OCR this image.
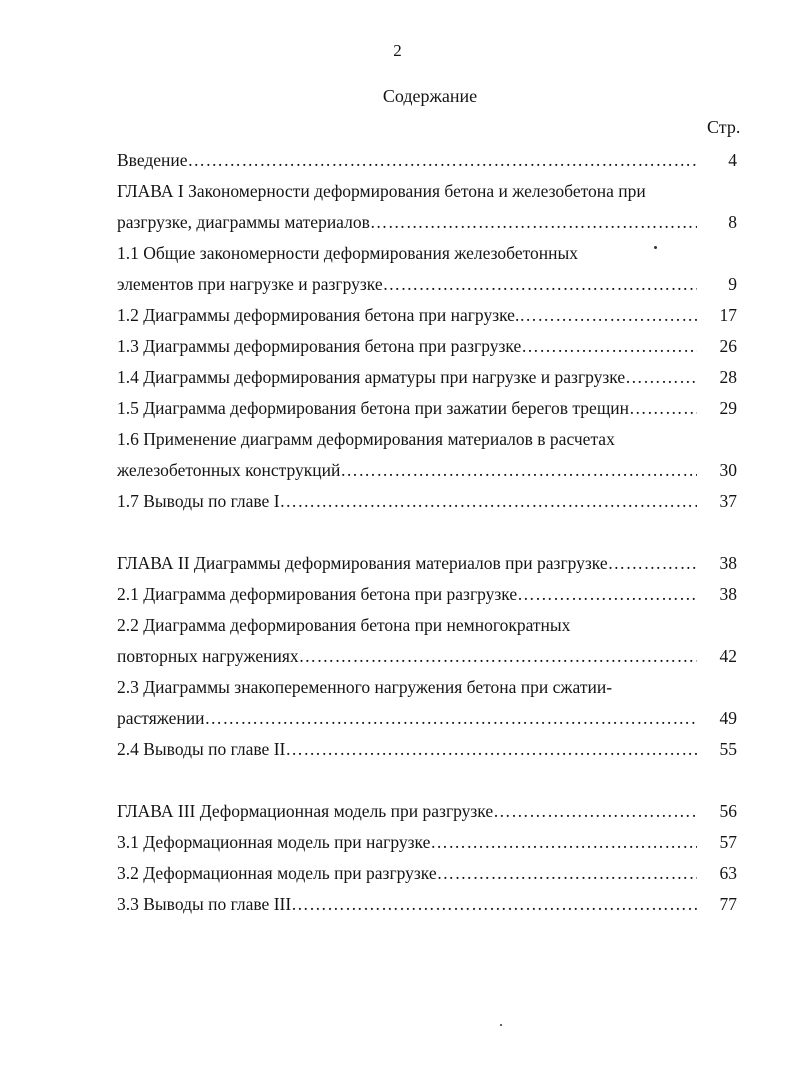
2
Содержание
Стр.
Введение ………………………………………………………………………………………………………………………………………………	4
ГЛАВА I Закономерности деформирования бетона и железобетона при
разгрузке, диаграммы материалов ………………………………………………………………………………………………………………………………………………	8
1.1 Общие закономерности деформирования железобетонных
элементов при нагрузке и разгрузке ………………………………………………………………………………………………………………………………………………	9
1.2 Диаграммы деформирования бетона при нагрузке. ………………………………………………………………………………………………………………………………………………	17
1.3 Диаграммы деформирования бетона при разгрузке ………………………………………………………………………………………………………………………………………………	26
1.4 Диаграммы деформирования арматуры при нагрузке и разгрузке ………………………………………………………………………………………………………………………………………………	28
1.5 Диаграмма деформирования бетона при зажатии берегов трещин ………………………………………………………………………………………………………………………………………………	29
1.6 Применение диаграмм деформирования материалов в расчетах
железобетонных конструкций ………………………………………………………………………………………………………………………………………………	30
1.7 Выводы по главе I ………………………………………………………………………………………………………………………………………………	37
ГЛАВА II Диаграммы деформирования материалов при разгрузке ………………………………………………………………………………………………………………………………………………	38
2.1 Диаграмма деформирования бетона при разгрузке ………………………………………………………………………………………………………………………………………………	38
2.2 Диаграмма деформирования бетона при немногократных
повторных нагружениях ………………………………………………………………………………………………………………………………………………	42
2.3 Диаграммы знакопеременного нагружения бетона при сжатии-
растяжении ………………………………………………………………………………………………………………………………………………	49
2.4 Выводы по главе II ………………………………………………………………………………………………………………………………………………	55
ГЛАВА III Деформационная модель при разгрузке ………………………………………………………………………………………………………………………………………………	56
3.1 Деформационная модель при нагрузке ………………………………………………………………………………………………………………………………………………	57
3.2 Деформационная модель при разгрузке ………………………………………………………………………………………………………………………………………………	63
3.3 Выводы по главе III ………………………………………………………………………………………………………………………………………………	77
